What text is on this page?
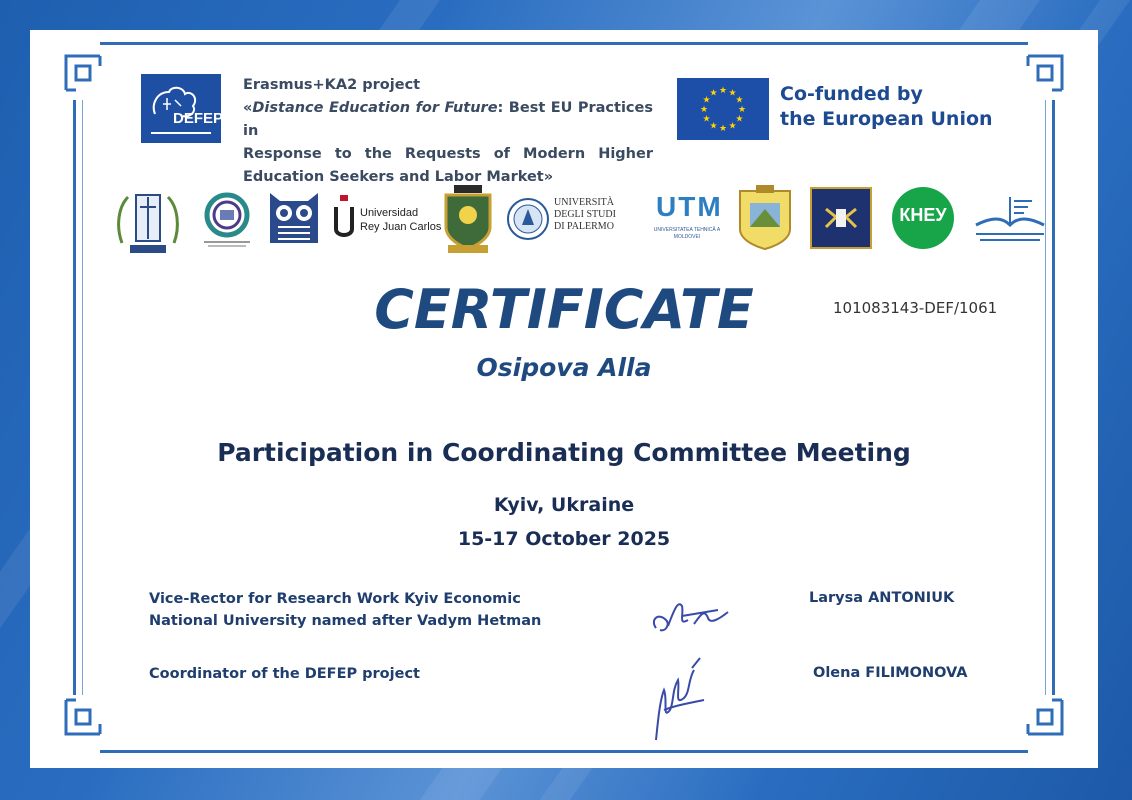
DEFEP
Erasmus+KA2 project
«Distance Education for Future: Best EU Practices in
Response to the Requests of Modern Higher
Education Seekers and Labor Market»
★ ★
★
★
★
★
★
★
★
★
★
★	Co-funded by
the European Union
Universidad
Rey Juan Carlos
UNIVERSITÀ
DEGLI STUDI
DI PALERMO
UTM
UNIVERSITATEA TEHNICĂ A MOLDOVEI
КНЕУ
CERTIFICATE	101083143-DEF/1061
Osipova Alla
Participation in Coordinating Committee Meeting
Kyiv, Ukraine
15-17 October 2025
Vice-Rector for Research Work Kyiv Economic
National University named after Vadym Hetman
Larysa ANTONIUK
Coordinator of the DEFEP project	Olena FILIMONOVA
